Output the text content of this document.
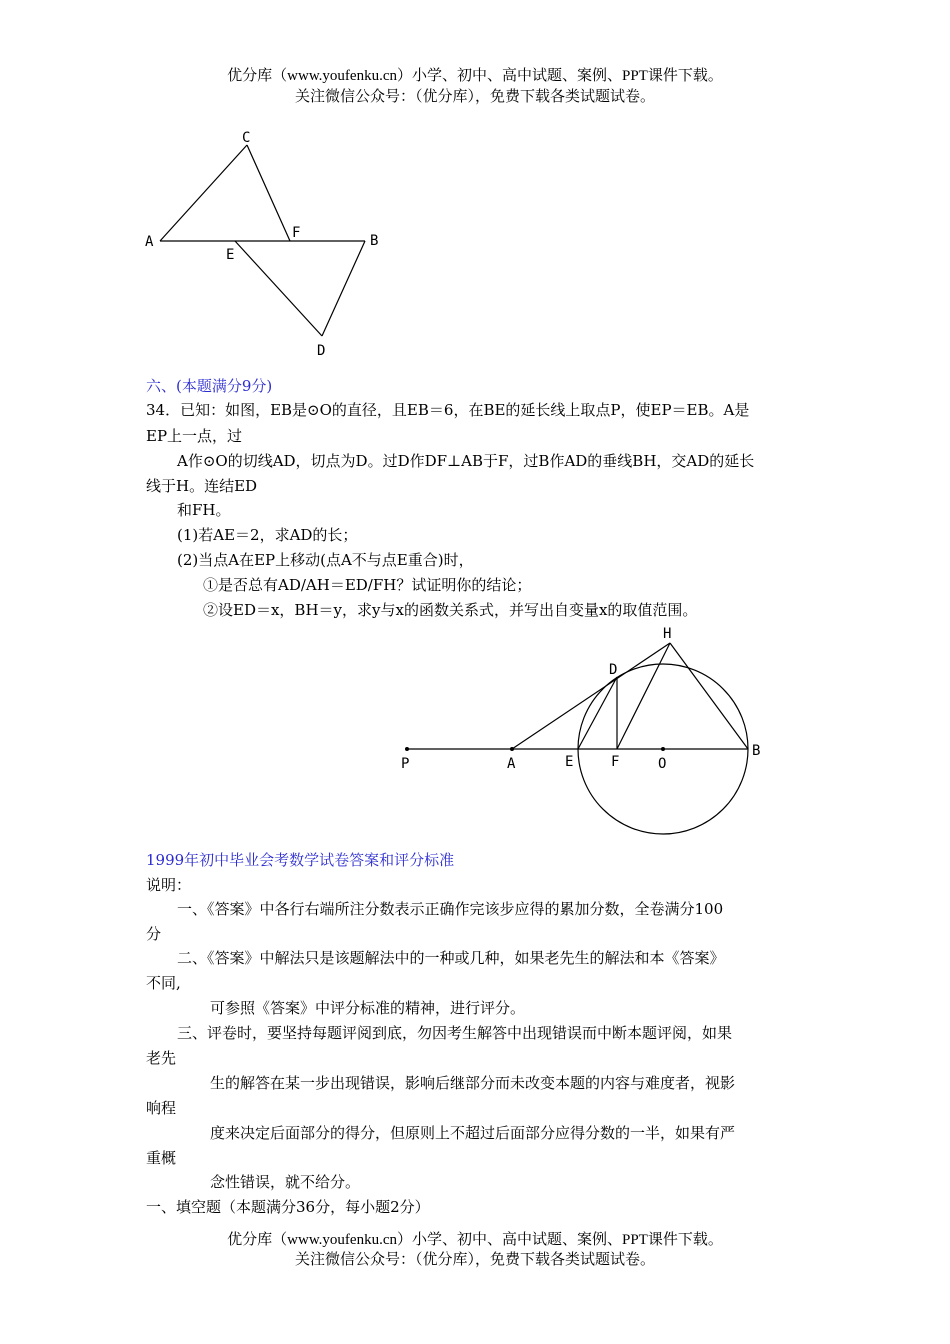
优分库（www.youfenku.cn）小学、初中、高中试题、案例、PPT课件下载。
关注微信公众号：（优分库），免费下载各类试题试卷。
C
A
F	B
E
D
六、(本题满分9分)
34．已知：如图，EB是⊙O的直径，且EB＝6，在BE的延长线上取点P，使EP＝EB。A是
EP上一点，过
A作⊙O的切线AD，切点为D。过D作DF⊥AB于F，过B作AD的垂线BH，交AD的延长
线于H。连结ED
和FH。
(1)若AE＝2，求AD的长；
(2)当点A在EP上移动(点A不与点E重合)时，
①是否总有AD/AH＝ED/FH？试证明你的结论；
②设ED＝x，BH＝y，求y与x的函数关系式，并写出自变量x的取值范围。
H
D
P	A	E	F	O
B
1999年初中毕业会考数学试卷答案和评分标准
说明：
一、《答案》中各行右端所注分数表示正确作完该步应得的累加分数，全卷满分100
分
二、《答案》中解法只是该题解法中的一种或几种，如果老先生的解法和本《答案》
不同,
可参照《答案》中评分标准的精神，进行评分。
三、评卷时，要坚持每题评阅到底，勿因考生解答中出现错误而中断本题评阅，如果
老先
生的解答在某一步出现错误，影响后继部分而未改变本题的内容与难度者，视影
响程
度来决定后面部分的得分，但原则上不超过后面部分应得分数的一半，如果有严
重概
念性错误，就不给分。
一、填空题（本题满分36分，每小题2分）
优分库（www.youfenku.cn）小学、初中、高中试题、案例、PPT课件下载。
关注微信公众号：（优分库），免费下载各类试题试卷。
